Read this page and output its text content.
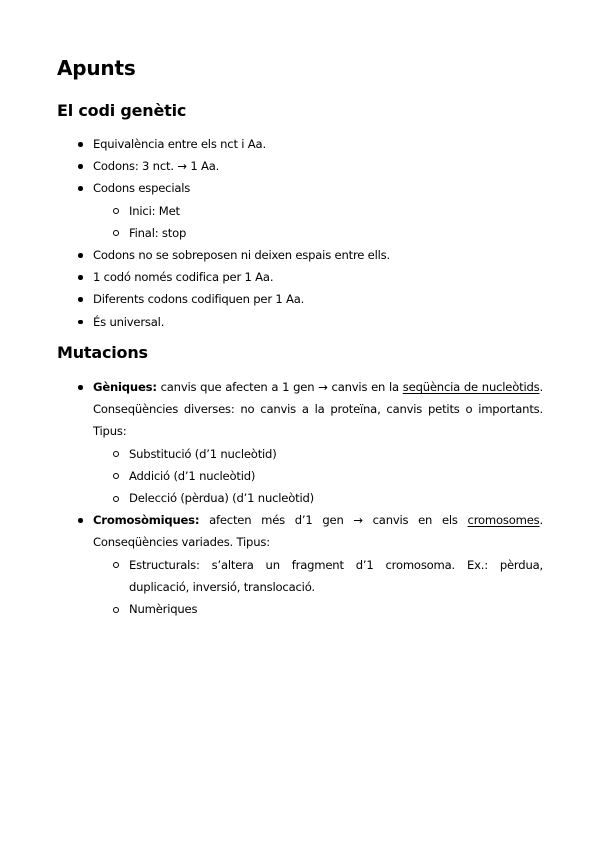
Apunts
El codi genètic
Equivalència entre els nct i Aa.
Codons: 3 nct. → 1 Aa.
Codons especials
Inici: Met
Final: stop
Codons no se sobreposen ni deixen espais entre ells.
1 codó només codifica per 1 Aa.
Diferents codons codifiquen per 1 Aa.
És universal.
Mutacions
Gèniques: canvis que afecten a 1 gen → canvis en la seqüència de nucleòtids. Conseqüències diverses: no canvis a la proteïna, canvis petits o importants. Tipus:
Substitució (d’1 nucleòtid)
Addició (d’1 nucleòtid)
Delecció (pèrdua) (d’1 nucleòtid)
Cromosòmiques: afecten més d’1 gen → canvis en els cromosomes. Conseqüències variades. Tipus:
Estructurals: s’altera un fragment d’1 cromosoma. Ex.: pèrdua, duplicació, inversió, translocació.
Numèriques
